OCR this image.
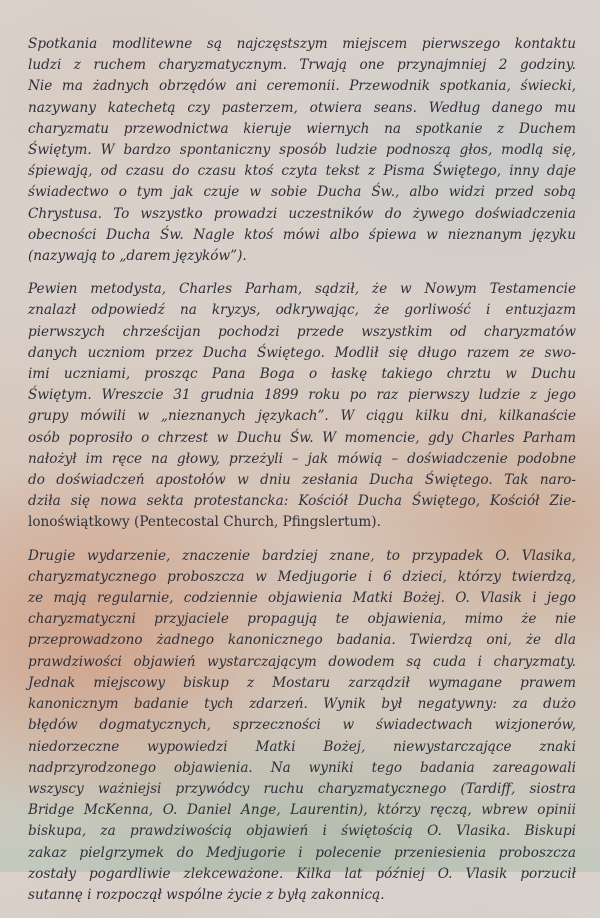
Spotkania modlitewne są najczęstszym miejscem pierwszego kontaktu
ludzi z ruchem charyzmatycznym. Trwają one przynajmniej 2 godziny.
Nie ma żadnych obrzędów ani ceremonii. Przewodnik spotkania, świecki,
nazywany katechetą czy pasterzem, otwiera seans. Według danego mu
charyzmatu przewodnictwa kieruje wiernych na spotkanie z Duchem
Świętym. W bardzo spontaniczny sposób ludzie podnoszą głos, modlą się,
śpiewają, od czasu do czasu ktoś czyta tekst z Pisma Świętego, inny daje
świadectwo o tym jak czuje w sobie Ducha Św., albo widzi przed sobą
Chrystusa. To wszystko prowadzi uczestników do żywego doświadczenia
obecności Ducha Św. Nagle ktoś mówi albo śpiewa w nieznanym języku
(nazywają to „darem języków”).
Pewien metodysta, Charles Parham, sądził, że w Nowym Testamencie
znalazł odpowiedź na kryzys, odkrywając, że gorliwość i entuzjazm
pierwszych chrześcijan pochodzi przede wszystkim od charyzmatów
danych uczniom przez Ducha Świętego. Modlił się długo razem ze swo-
imi uczniami, prosząc Pana Boga o łaskę takiego chrztu w Duchu
Świętym. Wreszcie 31 grudnia 1899 roku po raz pierwszy ludzie z jego
grupy mówili w „nieznanych językach”. W ciągu kilku dni, kilkanaście
osób poprosiło o chrzest w Duchu Św. W momencie, gdy Charles Parham
nałożył im ręce na głowy, przeżyli – jak mówią – doświadczenie podobne
do doświadczeń apostołów w dniu zesłania Ducha Świętego. Tak naro-
dziła się nowa sekta protestancka: Kościół Ducha Świętego, Kościół Zie-
lonoświątkowy (Pentecostal Church, Pfingslertum).
Drugie wydarzenie, znaczenie bardziej znane, to przypadek O. Vlasika,
charyzmatycznego proboszcza w Medjugorie i 6 dzieci, którzy twierdzą,
ze mają regularnie, codziennie objawienia Matki Bożej. O. Vlasik i jego
charyzmatyczni przyjaciele propagują te objawienia, mimo że nie
przeprowadzono żadnego kanonicznego badania. Twierdzą oni, że dla
prawdziwości objawień wystarczającym dowodem są cuda i charyzmaty.
Jednak miejscowy biskup z Mostaru zarządził wymagane prawem
kanonicznym badanie tych zdarzeń. Wynik był negatywny: za dużo
błędów dogmatycznych, sprzeczności w świadectwach wizjonerów,
niedorzeczne wypowiedzi Matki Bożej, niewystarczające znaki
nadprzyrodzonego objawienia. Na wyniki tego badania zareagowali
wszyscy ważniejsi przywódcy ruchu charyzmatycznego (Tardiff, siostra
Bridge McKenna, O. Daniel Ange, Laurentin), którzy ręczą, wbrew opinii
biskupa, za prawdziwością objawień i świętością O. Vlasika. Biskupi
zakaz pielgrzymek do Medjugorie i polecenie przeniesienia proboszcza
zostały pogardliwie zlekceważone. Kilka lat później O. Vlasik porzucił
sutannę i rozpoczął wspólne życie z byłą zakonnicą.
